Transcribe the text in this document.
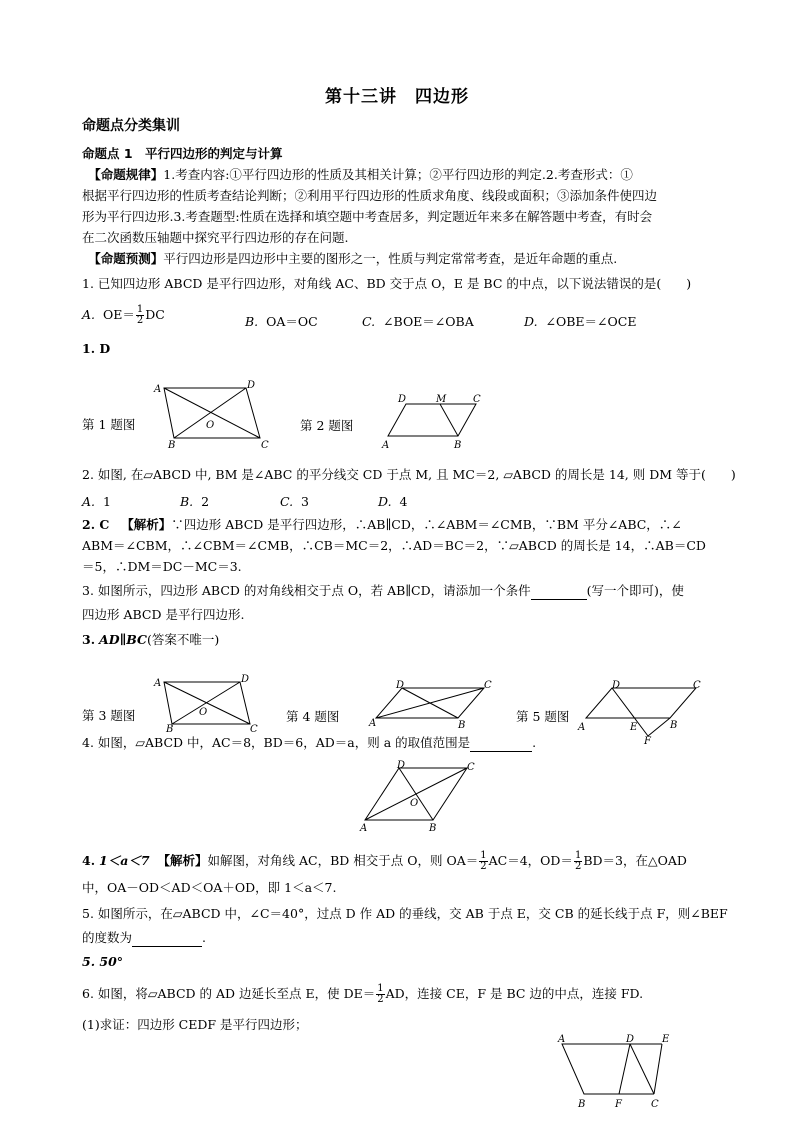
第十三讲　四边形
命题点分类集训
命题点 1　平行四边形的判定与计算
　【命题规律】1.考查内容:①平行四边形的性质及其相关计算；②平行四边形的判定.2.考查形式：①
根据平行四边形的性质考查结论判断；②利用平行四边形的性质求角度、线段或面积；③添加条件使四边
形为平行四边形.3.考查题型:性质在选择和填空题中考查居多，判定题近年来多在解答题中考查，有时会
在二次函数压轴题中探究平行四边形的存在问题.
　【命题预测】平行四边形是四边形中主要的图形之一，性质与判定常常考查，是近年命题的重点.
1. 已知四边形 ABCD 是平行四边形，对角线 AC、BD 交于点 O，E 是 BC 的中点，以下说法错误的是(　　)
A. $OE= \frac{1}{2}$ DC	B. OA＝OC	C. ∠BOE＝∠OBA	D. ∠OBE＝∠OCE
1. D
第 1 题图
A	D
O
B	C
第 2 题图
D	M	C
A	B
2. 如图, 在▱ABCD 中, BM 是∠ABC 的平分线交 CD 于点 M, 且 MC＝2, ▱ABCD 的周长是 14, 则 DM 等于(　　)
A. 1	B. 2	C. 3	D. 4
2. C 【解析】∵四边形 ABCD 是平行四边形，∴AB∥CD，∴∠ABM＝∠CMB，∵BM 平分∠ABC，∴∠
ABM＝∠CBM，∴∠CBM＝∠CMB，∴CB＝MC＝2，∴AD＝BC＝2，∵▱ABCD 的周长是 14，∴AB＝CD
＝5，∴DM＝DC－MC＝3.
3. 如图所示，四边形 ABCD 的对角线相交于点 O，若 AB∥CD，请添加一个条件	(写一个即可)，使
四边形 ABCD 是平行四边形.
3. AD∥BC(答案不唯一)
第 3 题图
A	D
O
B	C
第 4 题图
D	C
A	B
第 5 题图
D	C
A	E	B
F
4. 如图，▱ABCD 中，AC＝8，BD＝6，AD＝a，则 a 的取值范围是	.
D	C
O
A	B
4. 1＜a＜7 【解析】如解图，对角线 AC，BD 相交于点 O，则 $OA= \frac{1}{2} AC=4$，$OD= \frac{1}{2} BD=3$，在△OAD
中，OA－OD＜AD＜OA＋OD，即 1＜a＜7.
5. 如图所示，在▱ABCD 中，∠C＝40°，过点 D 作 AD 的垂线，交 AB 于点 E，交 CB 的延长线于点 F，则∠BEF
的度数为	.
5. 50°
6. 如图，将▱ABCD 的 AD 边延长至点 E，使 $DE= \frac{1}{2}$ AD，连接 CE，F 是 BC 边的中点，连接 FD.
(1)求证：四边形 CEDF 是平行四边形；
A	D	E
B	F	C
